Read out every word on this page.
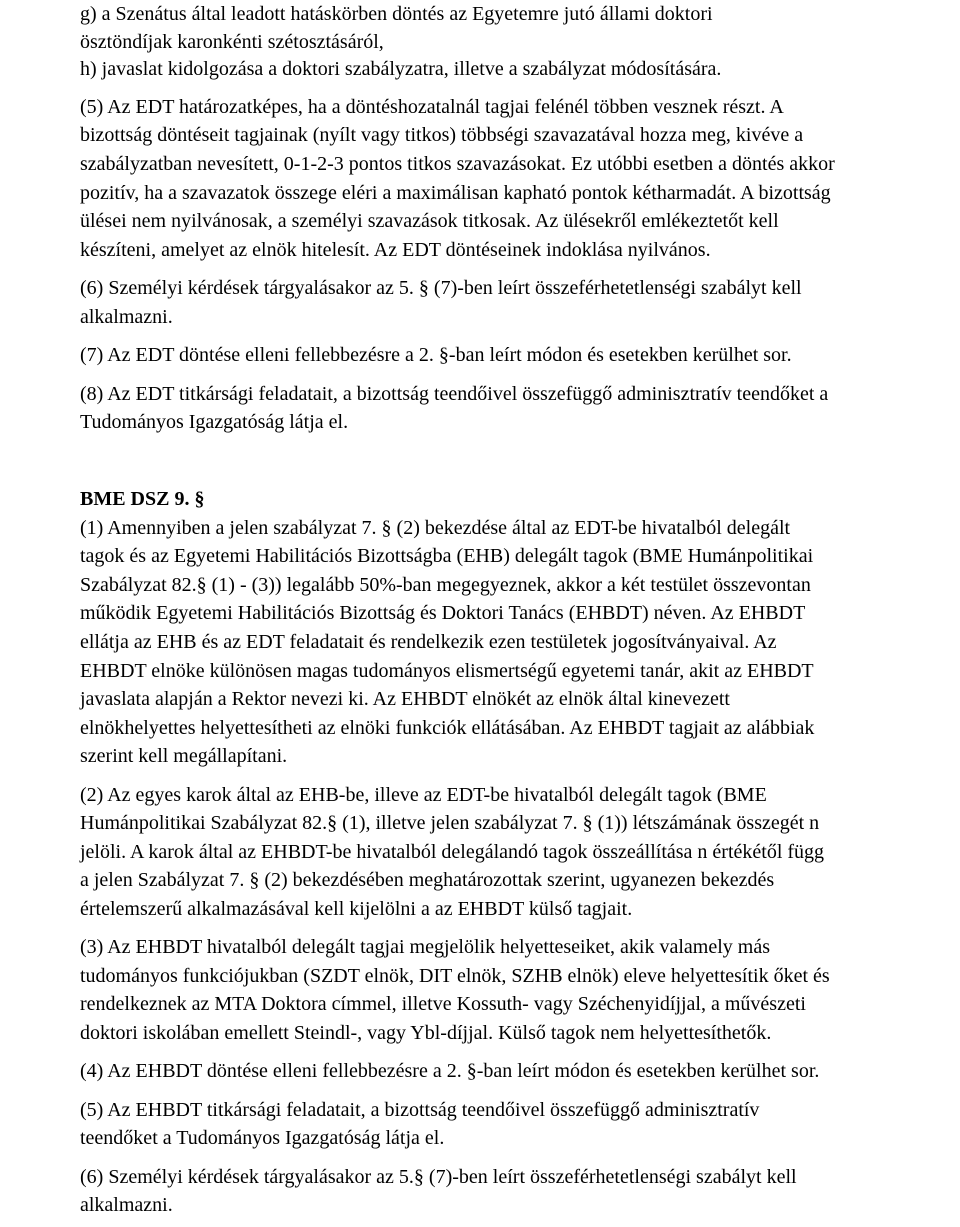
g) a Szenátus által leadott hatáskörben döntés az Egyetemre jutó állami doktori
ösztöndíjak karonkénti szétosztásáról,
h) javaslat kidolgozása a doktori szabályzatra, illetve a szabályzat módosítására.
(5) Az EDT határozatképes, ha a döntéshozatalnál tagjai felénél többen vesznek részt. A
bizottság döntéseit tagjainak (nyílt vagy titkos) többségi szavazatával hozza meg, kivéve a
szabályzatban nevesített, 0-1-2-3 pontos titkos szavazásokat. Ez utóbbi esetben a döntés akkor
pozitív, ha a szavazatok összege eléri a maximálisan kapható pontok kétharmadát. A bizottság
ülései nem nyilvánosak, a személyi szavazások titkosak. Az ülésekről emlékeztetőt kell
készíteni, amelyet az elnök hitelesít. Az EDT döntéseinek indoklása nyilvános.
(6) Személyi kérdések tárgyalásakor az 5. § (7)-ben leírt összeférhetetlenségi szabályt kell
alkalmazni.
(7) Az EDT döntése elleni fellebbezésre a 2. §-ban leírt módon és esetekben kerülhet sor.
(8) Az EDT titkársági feladatait, a bizottság teendőivel összefüggő adminisztratív teendőket a
Tudományos Igazgatóság látja el.
BME DSZ 9. §
(1) Amennyiben a jelen szabályzat 7. § (2) bekezdése által az EDT-be hivatalból delegált
tagok és az Egyetemi Habilitációs Bizottságba (EHB) delegált tagok (BME Humánpolitikai
Szabályzat 82.§ (1) - (3)) legalább 50%-ban megegyeznek, akkor a két testület összevontan
működik Egyetemi Habilitációs Bizottság és Doktori Tanács (EHBDT) néven. Az EHBDT
ellátja az EHB és az EDT feladatait és rendelkezik ezen testületek jogosítványaival. Az
EHBDT elnöke különösen magas tudományos elismertségű egyetemi tanár, akit az EHBDT
javaslata alapján a Rektor nevezi ki. Az EHBDT elnökét az elnök által kinevezett
elnökhelyettes helyettesítheti az elnöki funkciók ellátásában. Az EHBDT tagjait az alábbiak
szerint kell megállapítani.
(2) Az egyes karok által az EHB-be, illeve az EDT-be hivatalból delegált tagok (BME
Humánpolitikai Szabályzat 82.§ (1), illetve jelen szabályzat 7. § (1)) létszámának összegét n
jelöli. A karok által az EHBDT-be hivatalból delegálandó tagok összeállítása n értékétől függ
a jelen Szabályzat 7. § (2) bekezdésében meghatározottak szerint, ugyanezen bekezdés
értelemszerű alkalmazásával kell kijelölni a az EHBDT külső tagjait.
(3) Az EHBDT hivatalból delegált tagjai megjelölik helyetteseiket, akik valamely más
tudományos funkciójukban (SZDT elnök, DIT elnök, SZHB elnök) eleve helyettesítik őket és
rendelkeznek az MTA Doktora címmel, illetve Kossuth- vagy Széchenyidíjjal, a művészeti
doktori iskolában emellett Steindl-, vagy Ybl-díjjal. Külső tagok nem helyettesíthetők.
(4) Az EHBDT döntése elleni fellebbezésre a 2. §-ban leírt módon és esetekben kerülhet sor.
(5) Az EHBDT titkársági feladatait, a bizottság teendőivel összefüggő adminisztratív
teendőket a Tudományos Igazgatóság látja el.
(6) Személyi kérdések tárgyalásakor az 5.§ (7)-ben leírt összeférhetetlenségi szabályt kell
alkalmazni.
